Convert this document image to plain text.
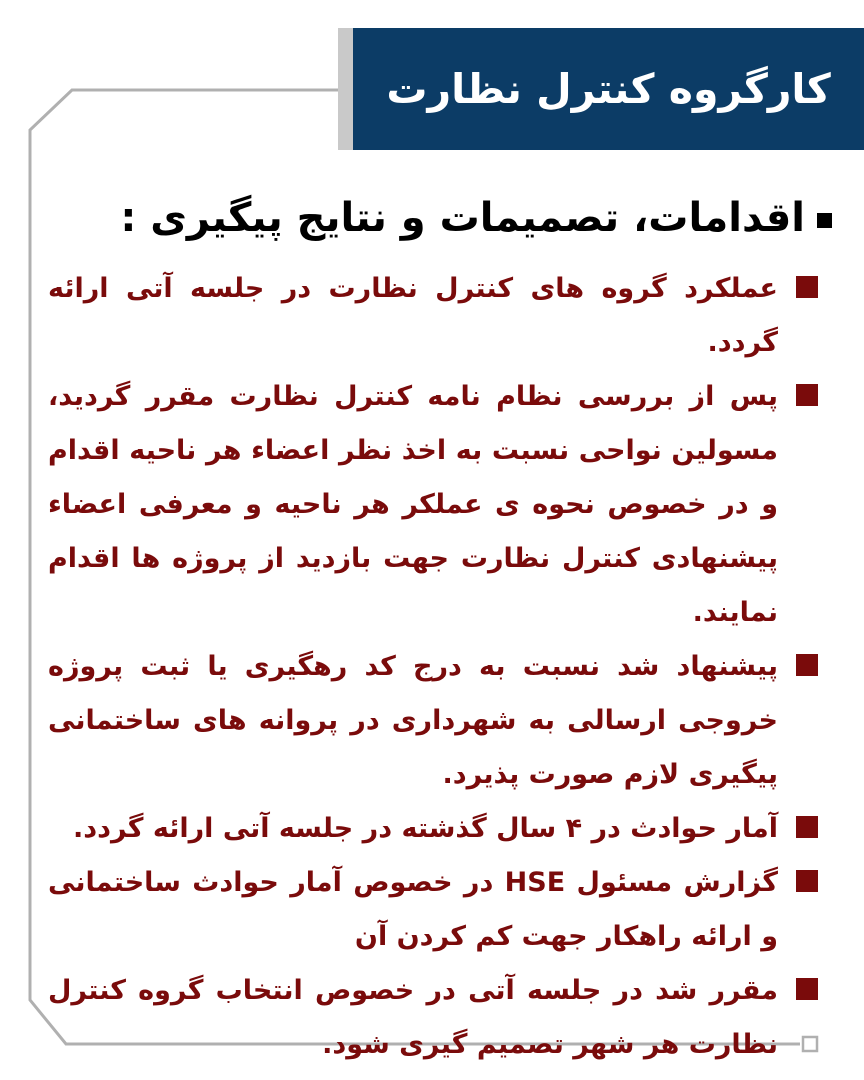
کارگروه کنترل نظارت
اقدامات، تصمیمات و نتایج پیگیری :
عملکرد گروه های کنترل نظارت در جلسه آتی ارائه گردد.
پس از بررسی نظام نامه کنترل نظارت مقرر گردید، مسولین نواحی نسبت به اخذ نظر اعضاء هر ناحیه اقدام و در خصوص نحوه ی عملکر هر ناحیه و معرفی اعضاء پیشنهادی کنترل نظارت جهت بازدید از پروژه ها اقدام نمایند.
پیشنهاد شد نسبت به درج کد رهگیری یا ثبت پروژه خروجی ارسالی به شهرداری در پروانه های ساختمانی پیگیری لازم صورت پذیرد.
آمار حوادث در ۴ سال گذشته در جلسه آتی ارائه گردد.
گزارش مسئول HSE در خصوص آمار حوادث ساختمانی و ارائه راهکار جهت کم کردن آن
مقرر شد در جلسه آتی در خصوص انتخاب گروه کنترل نظارت هر شهر تصمیم گیری شود.
